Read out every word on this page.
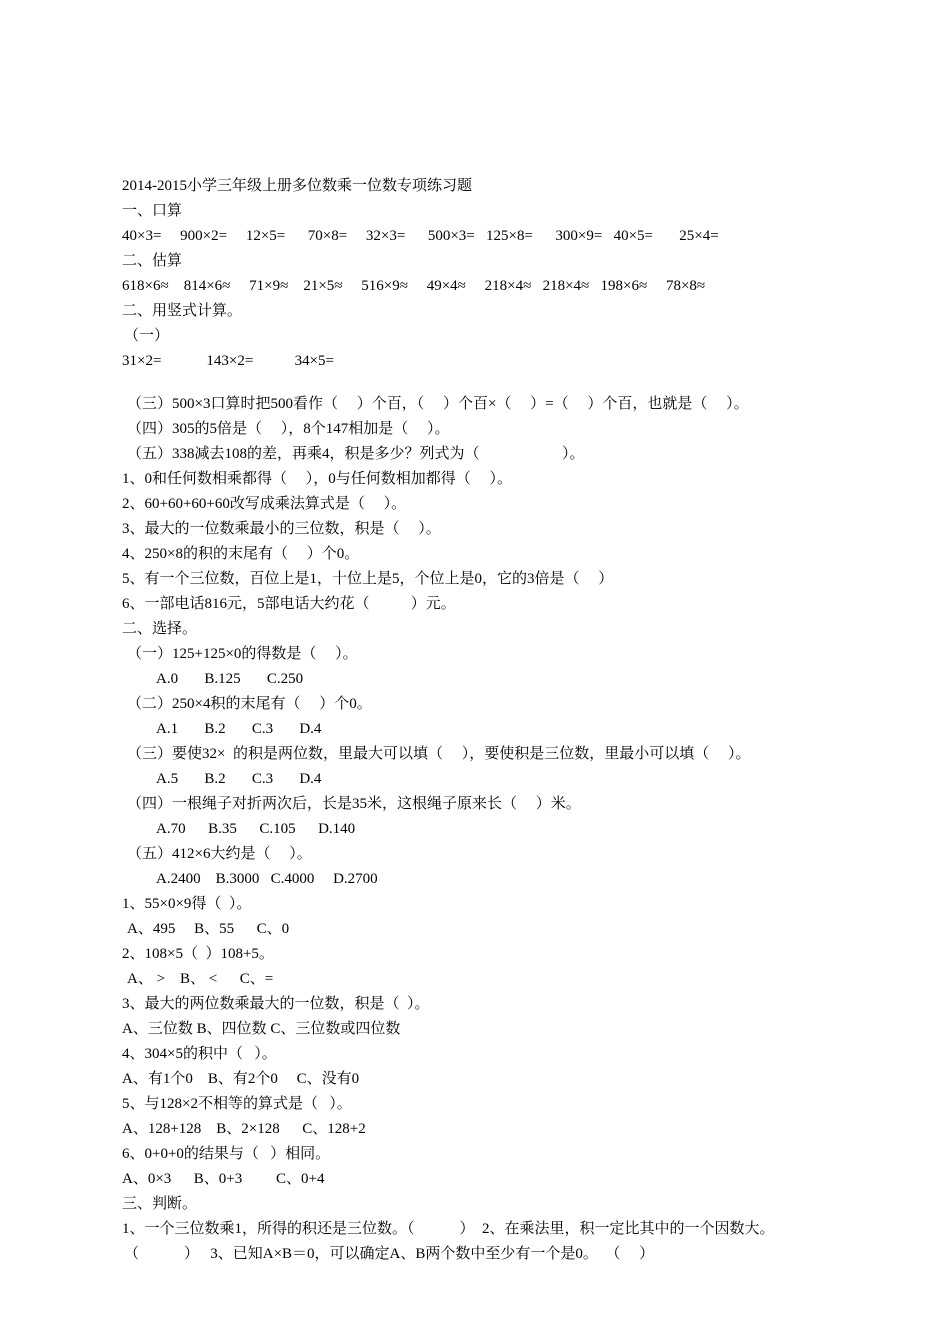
2014-2015小学三年级上册多位数乘一位数专项练习题
一、口算
40×3=     900×2=     12×5=      70×8=     32×3=      500×3=   125×8=      300×9=   40×5=       25×4=
二、估算
618×6≈    814×6≈     71×9≈    21×5≈     516×9≈     49×4≈     218×4≈   218×4≈   198×6≈     78×8≈
二、用竖式计算。
（一）
31×2=            143×2=           34×5=
（三）500×3口算时把500看作（     ）个百，（     ）个百×（     ）=（     ）个百，也就是（     ）。
（四）305的5倍是（     ），8个147相加是（     ）。
（五）338减去108的差，再乘4，积是多少？列式为（                      ）。
1、0和任何数相乘都得（     ），0与任何数相加都得（     ）。
2、60+60+60+60改写成乘法算式是（     ）。
3、最大的一位数乘最小的三位数，积是（     ）。
4、250×8的积的末尾有（     ）个0。
5、有一个三位数，百位上是1，十位上是5，个位上是0，它的3倍是（     ）
6、一部电话816元，5部电话大约花（           ）元。
二、选择。
（一）125+125×0的得数是（     ）。
A.0       B.125       C.250
（二）250×4积的末尾有（     ）个0。
A.1       B.2       C.3       D.4
（三）要使32×  的积是两位数，里最大可以填（     ），要使积是三位数，里最小可以填（     ）。
A.5       B.2       C.3       D.4
（四）一根绳子对折两次后，长是35米，这根绳子原来长（     ）米。
A.70      B.35      C.105      D.140
（五）412×6大约是（     ）。
A.2400    B.3000   C.4000     D.2700
1、55×0×9得（  ）。
A、495     B、55      C、0
2、108×5（  ）108+5。
A、 >    B、 <      C、=
3、最大的两位数乘最大的一位数，积是（  ）。
A、三位数 B、四位数 C、三位数或四位数
4、304×5的积中（   ）。
A、有1个0    B、有2个0     C、没有0
5、与128×2不相等的算式是（   ）。
A、128+128    B、2×128      C、128+2
6、0+0+0的结果与（   ）相同。
A、0×3      B、0+3         C、0+4
三、判断。
1、一个三位数乘1，所得的积还是三位数。（            ）  2、在乘法里，积一定比其中的一个因数大。
（            ）   3、已知A×B＝0，可以确定A、B两个数中至少有一个是0。  （     ）
